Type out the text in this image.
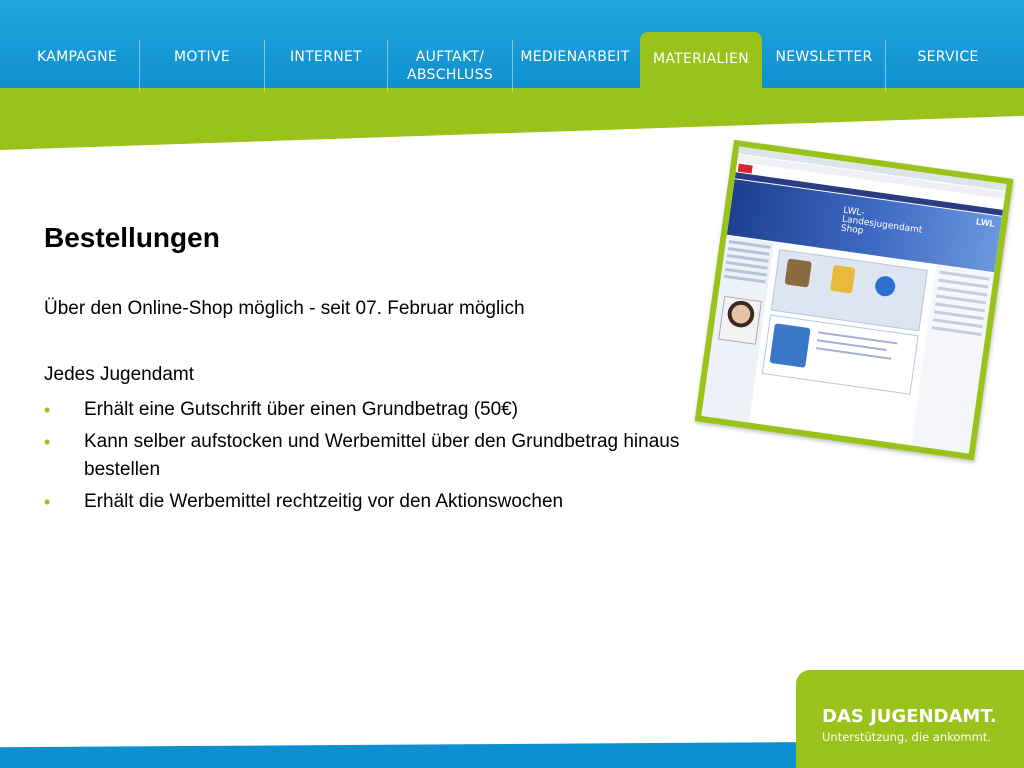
KAMPAGNE	MOTIVE	INTERNET	AUFTAKT/
ABSCHLUSS
MEDIENARBEIT MATERIALIEN NEWSLETTER	SERVICE
Bestellungen
Über den Online-Shop möglich - seit 07. Februar möglich
Jedes Jugendamt
• Erhält eine Gutschrift über einen Grundbetrag (50€)
• Kann selber aufstocken und Werbemittel über den Grundbetrag hinaus bestellen
• Erhält die Werbemittel rechtzeitig vor den Aktionswochen
LWL-
Landesjugendamt
Shop
LWL
DAS JUGENDAMT.
Unterstützung, die ankommt.
